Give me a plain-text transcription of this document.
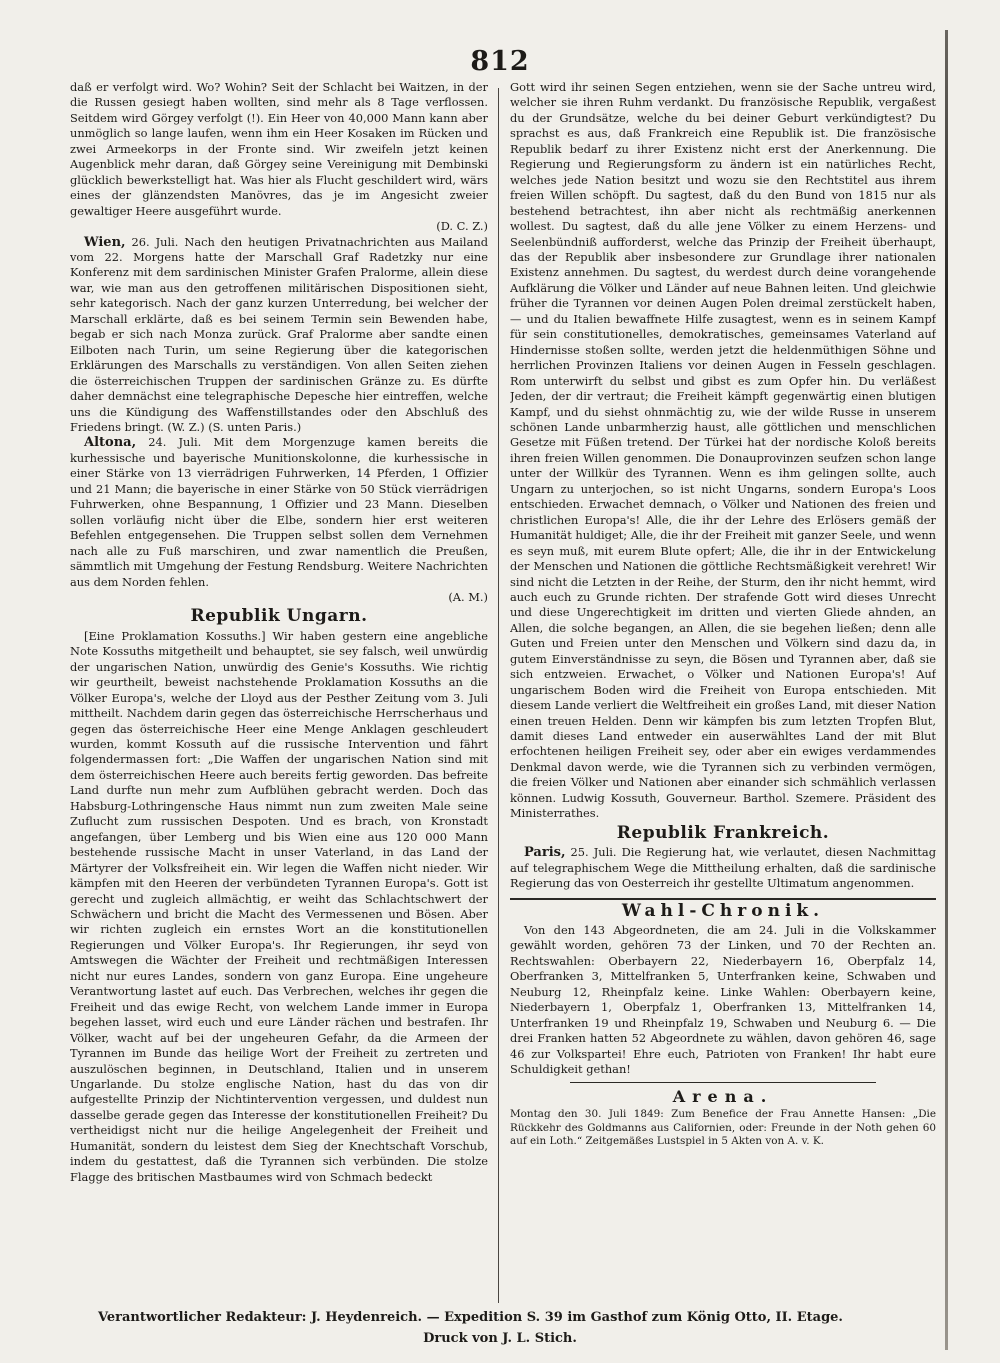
812

daß er verfolgt wird. Wo? Wohin? Seit der Schlacht bei Waitzen, in der die Russen gesiegt haben wollten, sind mehr als 8 Tage verflossen. Seitdem wird Görgey verfolgt (!). Ein Heer von 40,000 Mann kann aber unmöglich so lange laufen, wenn ihm ein Heer Kosaken im Rücken und zwei Armeekorps in der Fronte sind. Wir zweifeln jetzt keinen Augenblick mehr daran, daß Görgey seine Vereinigung mit Dembinski glücklich bewerkstelligt hat. Was hier als Flucht geschildert wird, wärs eines der glänzendsten Manövres, das je im Angesicht zweier gewaltiger Heere ausgeführt wurde.

(D. C. Z.)

Wien, 26. Juli. Nach den heutigen Privatnachrichten aus Mailand vom 22. Morgens hatte der Marschall Graf Radetzky nur eine Konferenz mit dem sardinischen Minister Grafen Pralorme, allein diese war, wie man aus den getroffenen militärischen Dispositionen sieht, sehr kategorisch. Nach der ganz kurzen Unterredung, bei welcher der Marschall erklärte, daß es bei seinem Termin sein Bewenden habe, begab er sich nach Monza zurück. Graf Pralorme aber sandte einen Eilboten nach Turin, um seine Regierung über die kategorischen Erklärungen des Marschalls zu verständigen. Von allen Seiten ziehen die österreichischen Truppen der sardinischen Gränze zu. Es dürfte daher demnächst eine telegraphische Depesche hier eintreffen, welche uns die Kündigung des Waffenstillstandes oder den Abschluß des Friedens bringt. (W. Z.) (S. unten Paris.)

Altona, 24. Juli. Mit dem Morgenzuge kamen bereits die kurhessische und bayerische Munitionskolonne, die kurhessische in einer Stärke von 13 vierrädrigen Fuhrwerken, 14 Pferden, 1 Offizier und 21 Mann; die bayerische in einer Stärke von 50 Stück vierrädrigen Fuhrwerken, ohne Bespannung, 1 Offizier und 23 Mann. Dieselben sollen vorläufig nicht über die Elbe, sondern hier erst weiteren Befehlen entgegensehen. Die Truppen selbst sollen dem Vernehmen nach alle zu Fuß marschiren, und zwar namentlich die Preußen, sämmtlich mit Umgehung der Festung Rendsburg. Weitere Nachrichten aus dem Norden fehlen.

(A. M.)
Republik Ungarn.

[Eine Proklamation Kossuths.] Wir haben gestern eine angebliche Note Kossuths mitgetheilt und behauptet, sie sey falsch, weil unwürdig der ungarischen Nation, unwürdig des Genie's Kossuths. Wie richtig wir geurtheilt, beweist nachstehende Proklamation Kossuths an die Völker Europa's, welche der Lloyd aus der Pesther Zeitung vom 3. Juli mittheilt. Nachdem darin gegen das österreichische Herrscherhaus und gegen das österreichische Heer eine Menge Anklagen geschleudert wurden, kommt Kossuth auf die russische Intervention und fährt folgendermassen fort: „Die Waffen der ungarischen Nation sind mit dem österreichischen Heere auch bereits fertig geworden. Das befreite Land durfte nun mehr zum Aufblühen gebracht werden. Doch das Habsburg-Lothringensche Haus nimmt nun zum zweiten Male seine Zuflucht zum russischen Despoten. Und es brach, von Kronstadt angefangen, über Lemberg und bis Wien eine aus 120 000 Mann bestehende russische Macht in unser Vaterland, in das Land der Märtyrer der Volksfreiheit ein. Wir legen die Waffen nicht nieder. Wir kämpfen mit den Heeren der verbündeten Tyrannen Europa's. Gott ist gerecht und zugleich allmächtig, er weiht das Schlachtschwert der Schwächern und bricht die Macht des Vermessenen und Bösen. Aber wir richten zugleich ein ernstes Wort an die konstitutionellen Regierungen und Völker Europa's. Ihr Regierungen, ihr seyd von Amtswegen die Wächter der Freiheit und rechtmäßigen Interessen nicht nur eures Landes, sondern von ganz Europa. Eine ungeheure Verantwortung lastet auf euch. Das Verbrechen, welches ihr gegen die Freiheit und das ewige Recht, von welchem Lande immer in Europa begehen lasset, wird euch und eure Länder rächen und bestrafen. Ihr Völker, wacht auf bei der ungeheuren Gefahr, da die Armeen der Tyrannen im Bunde das heilige Wort der Freiheit zu zertreten und auszulöschen beginnen, in Deutschland, Italien und in unserem Ungarlande. Du stolze englische Nation, hast du das von dir aufgestellte Prinzip der Nichtintervention vergessen, und duldest nun dasselbe gerade gegen das Interesse der konstitutionellen Freiheit? Du vertheidigst nicht nur die heilige Angelegenheit der Freiheit und Humanität, sondern du leistest dem Sieg der Knechtschaft Vorschub, indem du gestattest, daß die Tyrannen sich verbünden. Die stolze Flagge des britischen Mastbaumes wird von Schmach bedeckt

Gott wird ihr seinen Segen entziehen, wenn sie der Sache untreu wird, welcher sie ihren Ruhm verdankt. Du französische Republik, vergaßest du der Grundsätze, welche du bei deiner Geburt verkündigtest? Du sprachst es aus, daß Frankreich eine Republik ist. Die französische Republik bedarf zu ihrer Existenz nicht erst der Anerkennung. Die Regierung und Regierungsform zu ändern ist ein natürliches Recht, welches jede Nation besitzt und wozu sie den Rechtstitel aus ihrem freien Willen schöpft. Du sagtest, daß du den Bund von 1815 nur als bestehend betrachtest, ihn aber nicht als rechtmäßig anerkennen wollest. Du sagtest, daß du alle jene Völker zu einem Herzens- und Seelenbündniß aufforderst, welche das Prinzip der Freiheit überhaupt, das der Republik aber insbesondere zur Grundlage ihrer nationalen Existenz annehmen. Du sagtest, du werdest durch deine vorangehende Aufklärung die Völker und Länder auf neue Bahnen leiten. Und gleichwie früher die Tyrannen vor deinen Augen Polen dreimal zerstückelt haben, — und du Italien bewaffnete Hilfe zusagtest, wenn es in seinem Kampf für sein constitutionelles, demokratisches, gemeinsames Vaterland auf Hindernisse stoßen sollte, werden jetzt die heldenmüthigen Söhne und herrlichen Provinzen Italiens vor deinen Augen in Fesseln geschlagen. Rom unterwirft du selbst und gibst es zum Opfer hin. Du verläßest Jeden, der dir vertraut; die Freiheit kämpft gegenwärtig einen blutigen Kampf, und du siehst ohnmächtig zu, wie der wilde Russe in unserem schönen Lande unbarmherzig haust, alle göttlichen und menschlichen Gesetze mit Füßen tretend. Der Türkei hat der nordische Koloß bereits ihren freien Willen genommen. Die Donauprovinzen seufzen schon lange unter der Willkür des Tyrannen. Wenn es ihm gelingen sollte, auch Ungarn zu unterjochen, so ist nicht Ungarns, sondern Europa's Loos entschieden. Erwachet demnach, o Völker und Nationen des freien und christlichen Europa's! Alle, die ihr der Lehre des Erlösers gemäß der Humanität huldiget; Alle, die ihr der Freiheit mit ganzer Seele, und wenn es seyn muß, mit eurem Blute opfert; Alle, die ihr in der Entwickelung der Menschen und Nationen die göttliche Rechtsmäßigkeit verehret! Wir sind nicht die Letzten in der Reihe, der Sturm, den ihr nicht hemmt, wird auch euch zu Grunde richten. Der strafende Gott wird dieses Unrecht und diese Ungerechtigkeit im dritten und vierten Gliede ahnden, an Allen, die solche begangen, an Allen, die sie begehen ließen; denn alle Guten und Freien unter den Menschen und Völkern sind dazu da, in gutem Einverständnisse zu seyn, die Bösen und Tyrannen aber, daß sie sich entzweien. Erwachet, o Völker und Nationen Europa's! Auf ungarischem Boden wird die Freiheit von Europa entschieden. Mit diesem Lande verliert die Weltfreiheit ein großes Land, mit dieser Nation einen treuen Helden. Denn wir kämpfen bis zum letzten Tropfen Blut, damit dieses Land entweder ein auserwähltes Land der mit Blut erfochtenen heiligen Freiheit sey, oder aber ein ewiges verdammendes Denkmal davon werde, wie die Tyrannen sich zu verbinden vermögen, die freien Völker und Nationen aber einander sich schmählich verlassen können. Ludwig Kossuth, Gouverneur. Barthol. Szemere. Präsident des Ministerrathes.

Republik Frankreich.

Paris, 25. Juli. Die Regierung hat, wie verlautet, diesen Nachmittag auf telegraphischem Wege die Mittheilung erhalten, daß die sardinische Regierung das von Oesterreich ihr gestellte Ultimatum angenommen.

Wahl-Chronik.

Von den 143 Abgeordneten, die am 24. Juli in die Volkskammer gewählt worden, gehören 73 der Linken, und 70 der Rechten an. Rechtswahlen: Oberbayern 22, Niederbayern 16, Oberpfalz 14, Oberfranken 3, Mittelfranken 5, Unterfranken keine, Schwaben und Neuburg 12, Rheinpfalz keine. Linke Wahlen: Oberbayern keine, Niederbayern 1, Oberpfalz 1, Oberfranken 13, Mittelfranken 14, Unterfranken 19 und Rheinpfalz 19, Schwaben und Neuburg 6. — Die drei Franken hatten 52 Abgeordnete zu wählen, davon gehören 46, sage 46 zur Volkspartei! Ehre euch, Patrioten von Franken! Ihr habt eure Schuldigkeit gethan!

Arena.

Montag den 30. Juli 1849: Zum Benefice der Frau Annette Hansen: „Die Rückkehr des Goldmanns aus Californien, oder: Freunde in der Noth gehen 60 auf ein Loth.“ Zeitgemäßes Lustspiel in 5 Akten von A. v. K.

Verantwortlicher Redakteur: J. Heydenreich. — Expedition S. 39 im Gasthof zum König Otto, II. Etage.
Druck von J. L. Stich.
